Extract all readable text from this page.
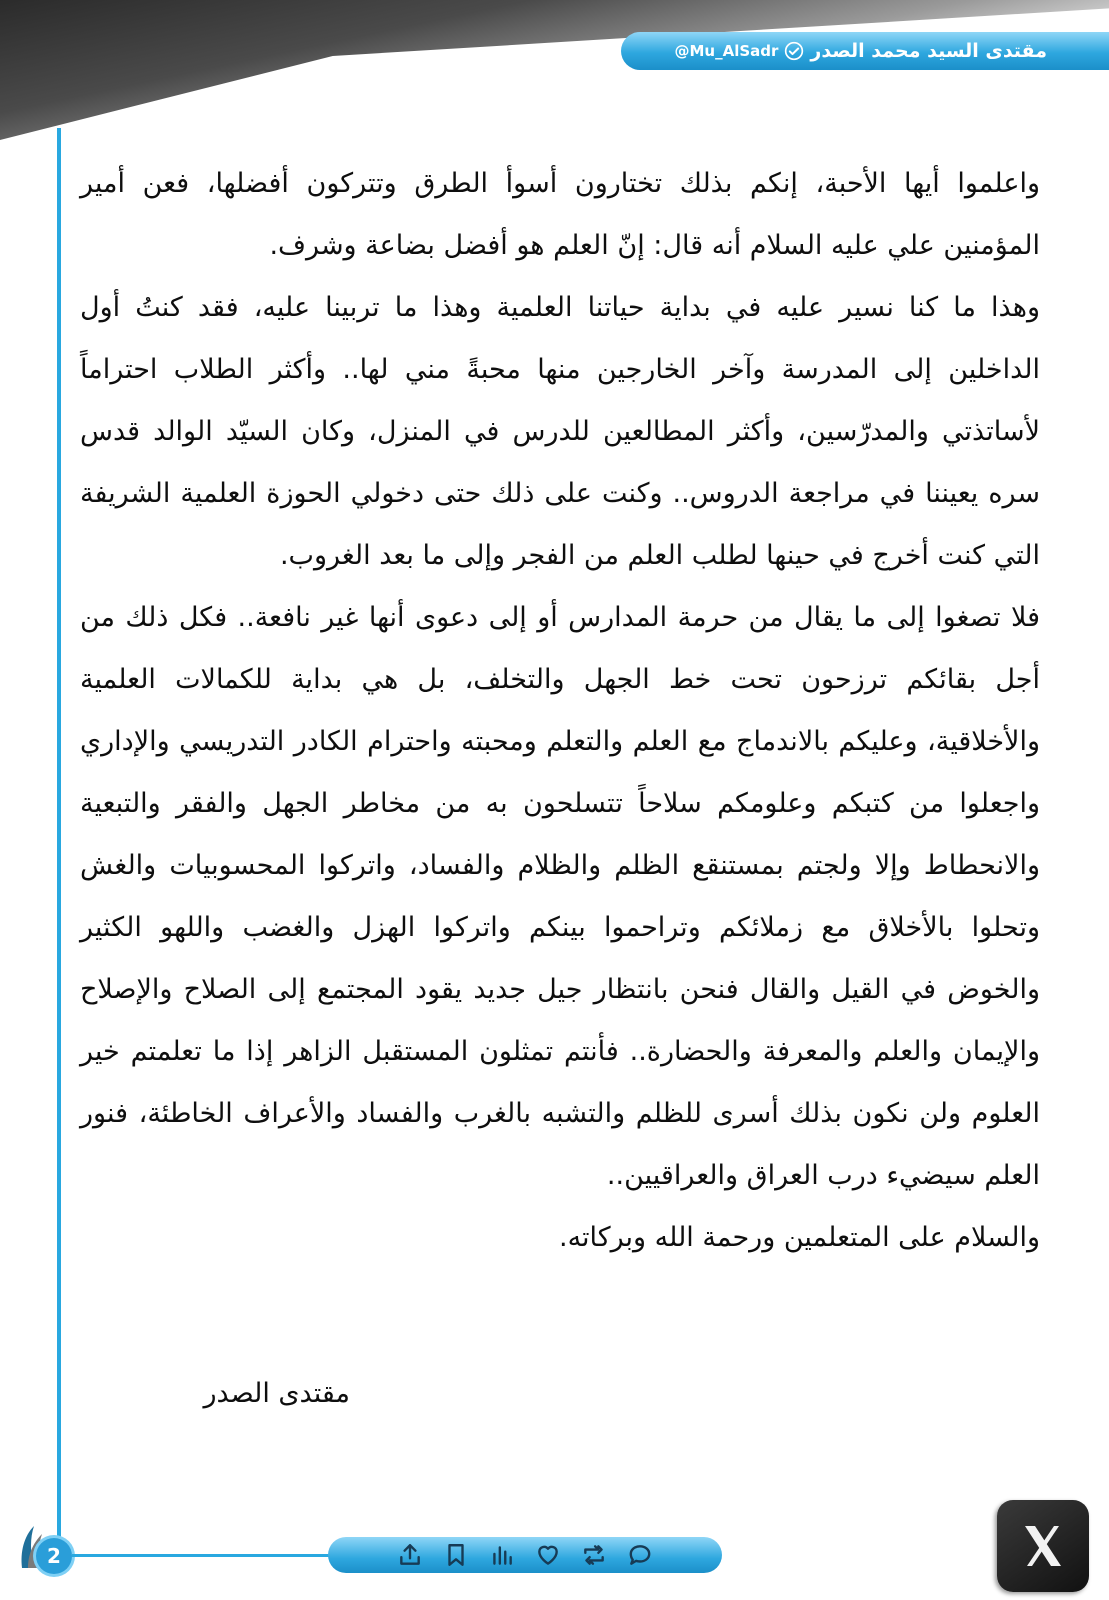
@Mu_AlSadr مقتدى السيد محمد الصدر

واعلموا أيها الأحبة، إنكم بذلك تختارون أسوأ الطرق وتتركون أفضلها، فعن أمير المؤمنين علي عليه السلام أنه قال: إنّ العلم هو أفضل بضاعة وشرف.

وهذا ما كنا نسير عليه في بداية حياتنا العلمية وهذا ما تربينا عليه، فقد كنتُ أول الداخلين إلى المدرسة وآخر الخارجين منها محبةً مني لها.. وأكثر الطلاب احتراماً لأساتذتي والمدرّسين، وأكثر المطالعين للدرس في المنزل، وكان السيّد الوالد قدس سره يعيننا في مراجعة الدروس.. وكنت على ذلك حتى دخولي الحوزة العلمية الشريفة التي كنت أخرج في حينها لطلب العلم من الفجر وإلى ما بعد الغروب.

فلا تصغوا إلى ما يقال من حرمة المدارس أو إلى دعوى أنها غير نافعة.. فكل ذلك من أجل بقائكم ترزحون تحت خط الجهل والتخلف، بل هي بداية للكمالات العلمية والأخلاقية، وعليكم بالاندماج مع العلم والتعلم ومحبته واحترام الكادر التدريسي والإداري واجعلوا من كتبكم وعلومكم سلاحاً تتسلحون به من مخاطر الجهل والفقر والتبعية والانحطاط وإلا ولجتم بمستنقع الظلم والظلام والفساد، واتركوا المحسوبيات والغش وتحلوا بالأخلاق مع زملائكم وتراحموا بينكم واتركوا الهزل والغضب واللهو الكثير والخوض في القيل والقال فنحن بانتظار جيل جديد يقود المجتمع إلى الصلاح والإصلاح والإيمان والعلم والمعرفة والحضارة.. فأنتم تمثلون المستقبل الزاهر إذا ما تعلمتم خير العلوم ولن نكون بذلك أسرى للظلم والتشبه بالغرب والفساد والأعراف الخاطئة، فنور العلم سيضيء درب العراق والعراقيين..

والسلام على المتعلمين ورحمة الله وبركاته.

مقتدى الصدر
2
